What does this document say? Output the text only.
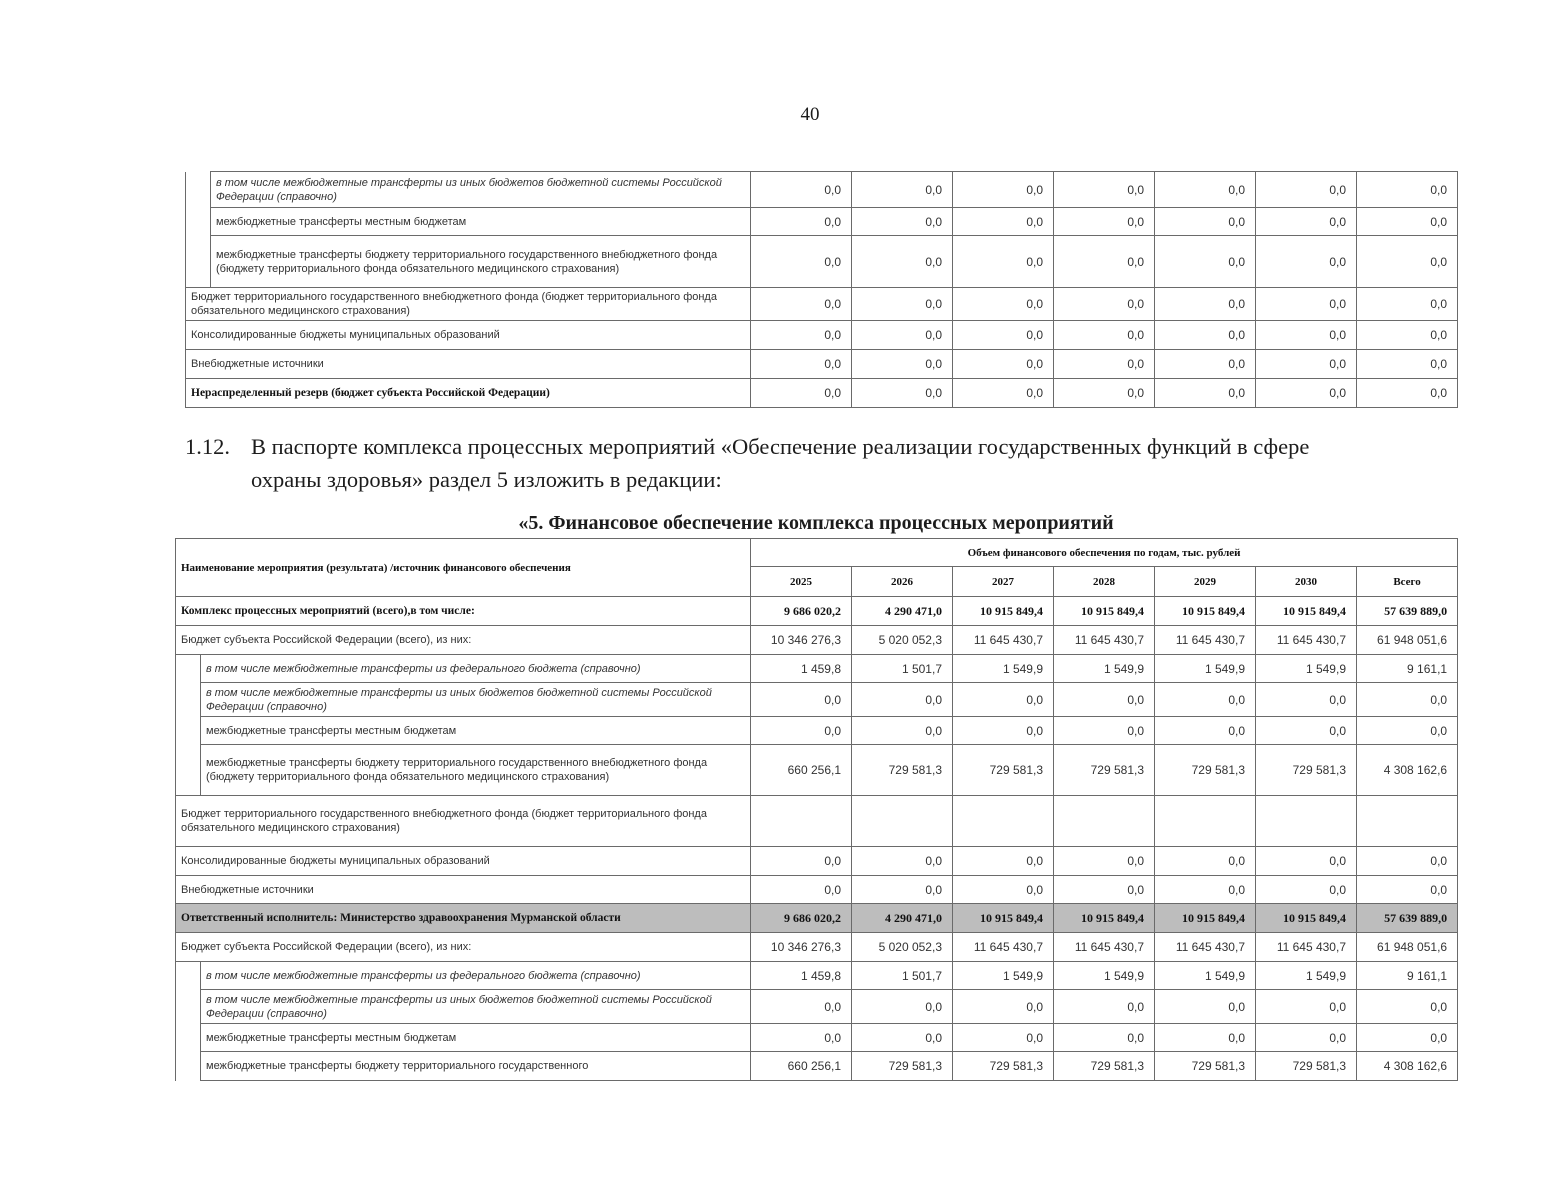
40
	в том числе межбюджетные трансферты из иных бюджетов бюджетной системы Российской Федерации (справочно)	0,0	0,0	0,0	0,0	0,0	0,0	0,0
	межбюджетные трансферты местным бюджетам	0,0	0,0	0,0	0,0	0,0	0,0	0,0
	межбюджетные трансферты бюджету территориального государственного внебюджетного фонда (бюджету территориального фонда обязательного медицинского страхования)	0,0	0,0	0,0	0,0	0,0	0,0	0,0
Бюджет территориального государственного внебюджетного фонда (бюджет территориального фонда обязательного медицинского страхования)		0,0	0,0	0,0	0,0	0,0	0,0	0,0
Консолидированные бюджеты муниципальных образований		0,0	0,0	0,0	0,0	0,0	0,0	0,0
Внебюджетные источники		0,0	0,0	0,0	0,0	0,0	0,0	0,0
Нераспределенный резерв (бюджет субъекта Российской Федерации)		0,0	0,0	0,0	0,0	0,0	0,0	0,0
1.12. В паспорте комплекса процессных мероприятий «Обеспечение реализации государственных функций в сфере
охраны здоровья» раздел 5 изложить в редакции:
«5. Финансовое обеспечение комплекса процессных мероприятий
Наименование мероприятия (результата) /источник финансового обеспечения		Объем финансового обеспечения по годам, тыс. рублей						
		2025	2026	2027	2028	2029	2030	Всего
Комплекс процессных мероприятий (всего),в том числе:		9 686 020,2	4 290 471,0	10 915 849,4	10 915 849,4	10 915 849,4	10 915 849,4	57 639 889,0
Бюджет субъекта Российской Федерации (всего), из них:		10 346 276,3	5 020 052,3	11 645 430,7	11 645 430,7	11 645 430,7	11 645 430,7	61 948 051,6
	в том числе межбюджетные трансферты из федерального бюджета (справочно)	1 459,8	1 501,7	1 549,9	1 549,9	1 549,9	1 549,9	9 161,1
	в том числе межбюджетные трансферты из иных бюджетов бюджетной системы Российской Федерации (справочно)	0,0	0,0	0,0	0,0	0,0	0,0	0,0
	межбюджетные трансферты местным бюджетам	0,0	0,0	0,0	0,0	0,0	0,0	0,0
	межбюджетные трансферты бюджету территориального государственного внебюджетного фонда (бюджету территориального фонда обязательного медицинского страхования)	660 256,1	729 581,3	729 581,3	729 581,3	729 581,3	729 581,3	4 308 162,6
Бюджет территориального государственного внебюджетного фонда (бюджет территориального фонда обязательного медицинского страхования)								
Консолидированные бюджеты муниципальных образований		0,0	0,0	0,0	0,0	0,0	0,0	0,0
Внебюджетные источники		0,0	0,0	0,0	0,0	0,0	0,0	0,0
Ответственный исполнитель: Министерство здравоохранения Мурманской области		9 686 020,2	4 290 471,0	10 915 849,4	10 915 849,4	10 915 849,4	10 915 849,4	57 639 889,0
Бюджет субъекта Российской Федерации (всего), из них:		10 346 276,3	5 020 052,3	11 645 430,7	11 645 430,7	11 645 430,7	11 645 430,7	61 948 051,6
	в том числе межбюджетные трансферты из федерального бюджета (справочно)	1 459,8	1 501,7	1 549,9	1 549,9	1 549,9	1 549,9	9 161,1
	в том числе межбюджетные трансферты из иных бюджетов бюджетной системы Российской Федерации (справочно)	0,0	0,0	0,0	0,0	0,0	0,0	0,0
	межбюджетные трансферты местным бюджетам	0,0	0,0	0,0	0,0	0,0	0,0	0,0
	межбюджетные трансферты бюджету территориального государственного	660 256,1	729 581,3	729 581,3	729 581,3	729 581,3	729 581,3	4 308 162,6
